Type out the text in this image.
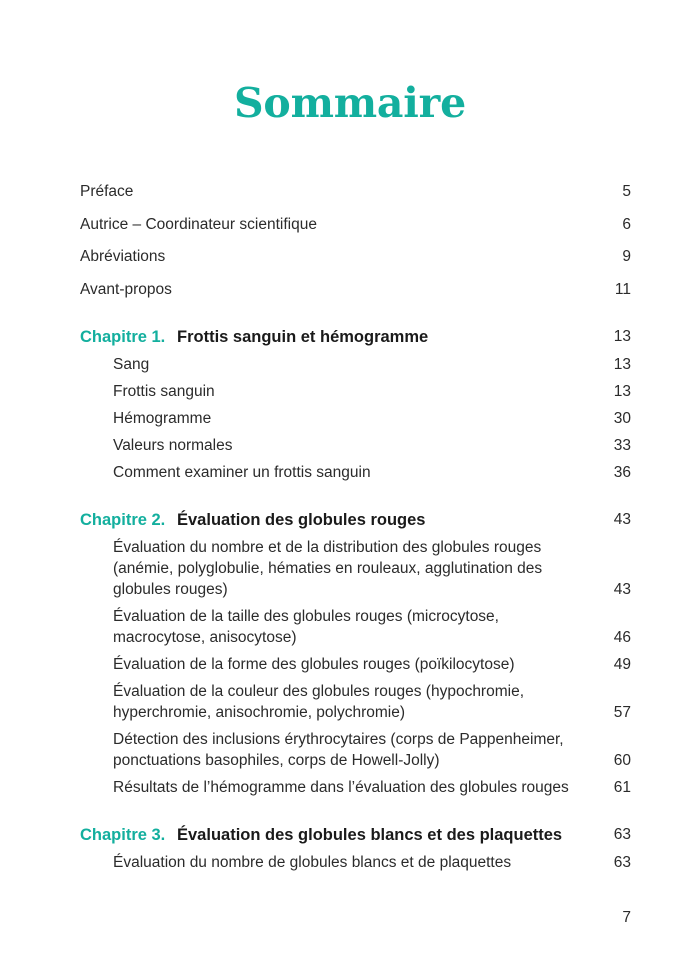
Sommaire
Préface	5
Autrice – Coordinateur scientifique	6
Abréviations	9
Avant-propos	11
Chapitre 1. Frottis sanguin et hémogramme	13
Sang	13
Frottis sanguin	13
Hémogramme	30
Valeurs normales	33
Comment examiner un frottis sanguin	36
Chapitre 2. Évaluation des globules rouges	43
Évaluation du nombre et de la distribution des globules rouges (anémie, polyglobulie, hématies en rouleaux, agglutination des globules rouges)	43
Évaluation de la taille des globules rouges (microcytose, macrocytose, anisocytose)	46
Évaluation de la forme des globules rouges (poïkilocytose)	49
Évaluation de la couleur des globules rouges (hypochromie, hyperchromie, anisochromie, polychromie)	57
Détection des inclusions érythrocytaires (corps de Pappenheimer, ponctuations basophiles, corps de Howell-Jolly)	60
Résultats de l’hémogramme dans l’évaluation des globules rouges	61
Chapitre 3. Évaluation des globules blancs et des plaquettes	63
Évaluation du nombre de globules blancs et de plaquettes	63
7
